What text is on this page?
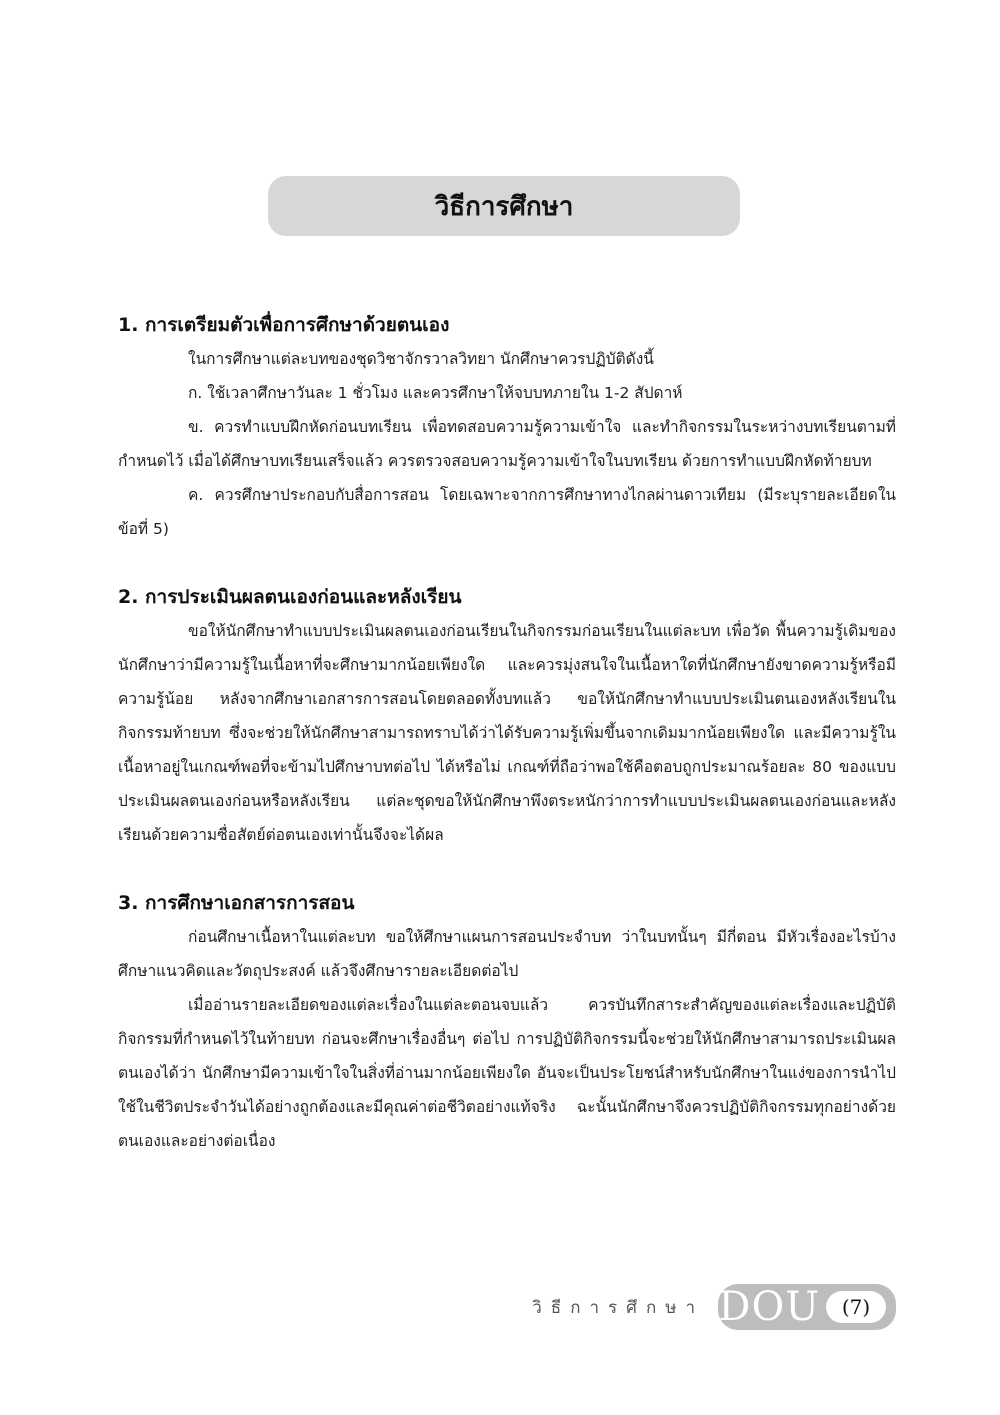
วิธีการศึกษา

1. การเตรียมตัวเพื่อการศึกษาด้วยตนเอง

ในการศึกษาแต่ละบทของชุดวิชาจักรวาลวิทยา นักศึกษาควรปฏิบัติดังนี้

ก. ใช้เวลาศึกษาวันละ 1 ชั่วโมง และควรศึกษาให้จบบทภายใน 1-2 สัปดาห์

ข. ควรทำแบบฝึกหัดก่อนบทเรียน เพื่อทดสอบความรู้ความเข้าใจ และทำกิจกรรมในระหว่างบทเรียนตามที่กำหนดไว้ เมื่อได้ศึกษาบทเรียนเสร็จแล้ว ควรตรวจสอบความรู้ความเข้าใจในบทเรียน ด้วยการทำแบบฝึกหัดท้ายบท

ค. ควรศึกษาประกอบกับสื่อการสอน โดยเฉพาะจากการศึกษาทางไกลผ่านดาวเทียม (มีระบุรายละเอียดในข้อที่ 5)

2. การประเมินผลตนเองก่อนและหลังเรียน

ขอให้นักศึกษาทำแบบประเมินผลตนเองก่อนเรียนในกิจกรรมก่อนเรียนในแต่ละบท เพื่อวัด พื้นความรู้เดิมของนักศึกษาว่ามีความรู้ในเนื้อหาที่จะศึกษามากน้อยเพียงใด และควรมุ่งสนใจในเนื้อหาใดที่นักศึกษายังขาดความรู้หรือมีความรู้น้อย หลังจากศึกษาเอกสารการสอนโดยตลอดทั้งบทแล้ว ขอให้นักศึกษาทำแบบประเมินตนเองหลังเรียนในกิจกรรมท้ายบท ซึ่งจะช่วยให้นักศึกษาสามารถทราบได้ว่าได้รับความรู้เพิ่มขึ้นจากเดิมมากน้อยเพียงใด และมีความรู้ในเนื้อหาอยู่ในเกณฑ์พอที่จะข้ามไปศึกษาบทต่อไป ได้หรือไม่ เกณฑ์ที่ถือว่าพอใช้คือตอบถูกประมาณร้อยละ 80 ของแบบประเมินผลตนเองก่อนหรือหลังเรียน แต่ละชุดขอให้นักศึกษาพึงตระหนักว่าการทำแบบประเมินผลตนเองก่อนและหลังเรียนด้วยความซื่อสัตย์ต่อตนเองเท่านั้นจึงจะได้ผล

3. การศึกษาเอกสารการสอน

ก่อนศึกษาเนื้อหาในแต่ละบท ขอให้ศึกษาแผนการสอนประจำบท ว่าในบทนั้นๆ มีกี่ตอน มีหัวเรื่องอะไรบ้าง ศึกษาแนวคิดและวัตถุประสงค์ แล้วจึงศึกษารายละเอียดต่อไป

เมื่ออ่านรายละเอียดของแต่ละเรื่องในแต่ละตอนจบแล้ว ควรบันทึกสาระสำคัญของแต่ละเรื่องและปฏิบัติกิจกรรมที่กำหนดไว้ในท้ายบท ก่อนจะศึกษาเรื่องอื่นๆ ต่อไป การปฏิบัติกิจกรรมนี้จะช่วยให้นักศึกษาสามารถประเมินผลตนเองได้ว่า นักศึกษามีความเข้าใจในสิ่งที่อ่านมากน้อยเพียงใด อันจะเป็นประโยชน์สำหรับนักศึกษาในแง่ของการนำไปใช้ในชีวิตประจำวันได้อย่างถูกต้องและมีคุณค่าต่อชีวิตอย่างแท้จริง ฉะนั้นนักศึกษาจึงควรปฏิบัติกิจกรรมทุกอย่างด้วยตนเองและอย่างต่อเนื่อง

วิธีการศึกษา DOU	(7)
